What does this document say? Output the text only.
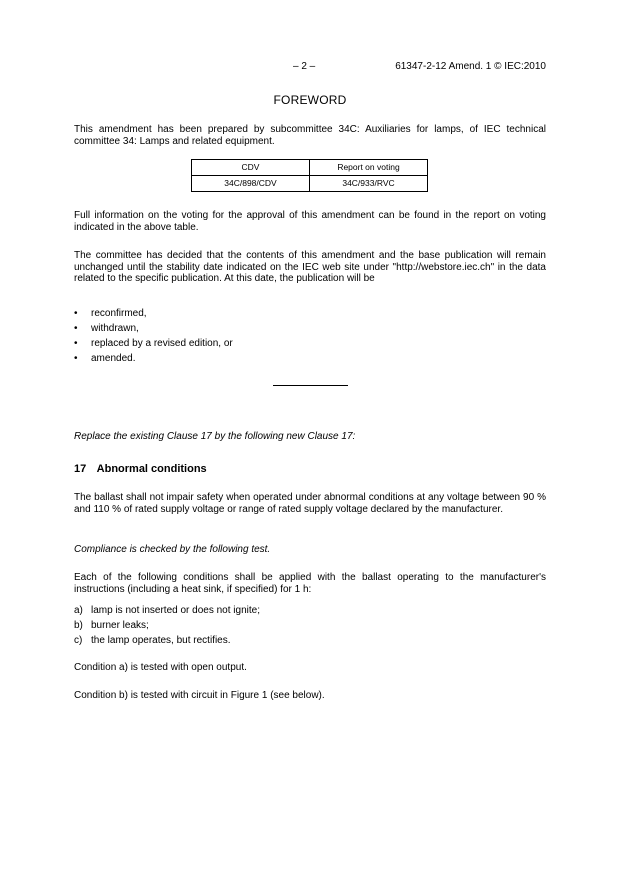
– 2 –	61347-2-12 Amend. 1 © IEC:2010
FOREWORD

This amendment has been prepared by subcommittee 34C: Auxiliaries for lamps, of IEC technical committee 34: Lamps and related equipment.

CDV	Report on voting
34C/898/CDV	34C/933/RVC

Full information on the voting for the approval of this amendment can be found in the report on voting indicated in the above table.

The committee has decided that the contents of this amendment and the base publication will remain unchanged until the stability date indicated on the IEC web site under "http://webstore.iec.ch" in the data related to the specific publication. At this date, the publication will be

• reconfirmed,
• withdrawn,
• replaced by a revised edition, or
• amended.

Replace the existing Clause 17 by the following new Clause 17:

17 Abnormal conditions

The ballast shall not impair safety when operated under abnormal conditions at any voltage between 90 % and 110 % of rated supply voltage or range of rated supply voltage declared by the manufacturer.

Compliance is checked by the following test.

Each of the following conditions shall be applied with the ballast operating to the manufacturer's instructions (including a heat sink, if specified) for 1 h:

a) lamp is not inserted or does not ignite;
b) burner leaks;
c) the lamp operates, but rectifies.

Condition a) is tested with open output.

Condition b) is tested with circuit in Figure 1 (see below).
